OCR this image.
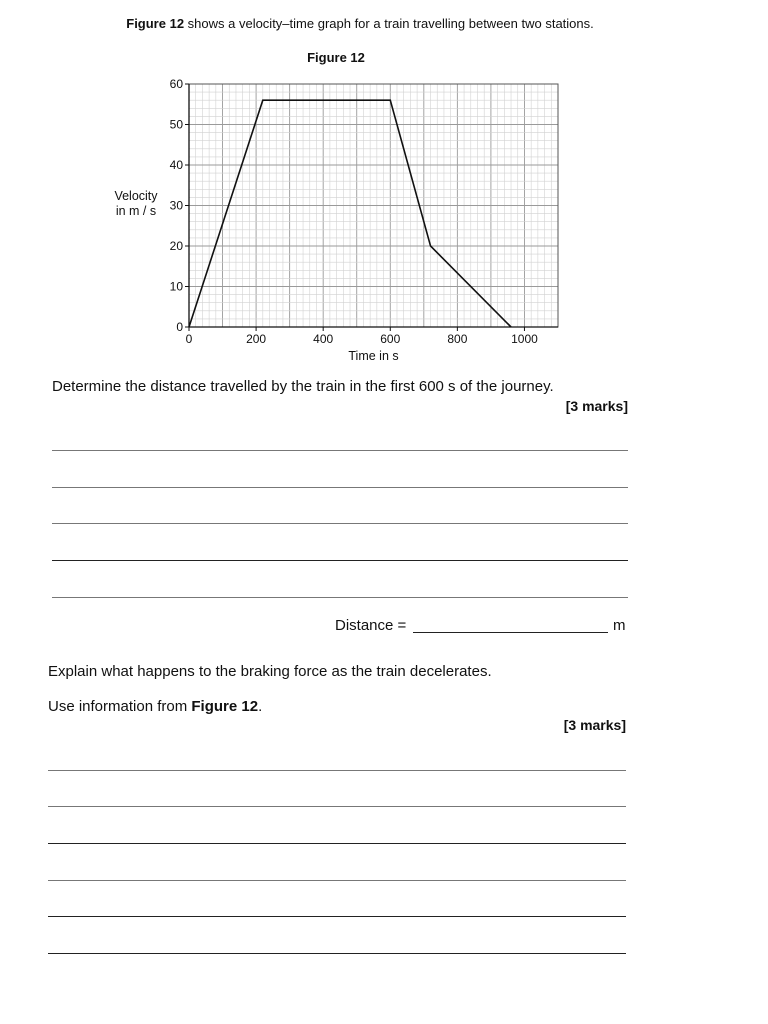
Figure 12 shows a velocity–time graph for a train travelling between two stations.
Figure 12
0	200	400	600	800	1000
0
10
20
30
40
50
60
Time in s
Velocity
in m / s
Determine the distance travelled by the train in the first 600 s of the journey.
[3 marks]
Distance =	m
Explain what happens to the braking force as the train decelerates.
Use information from Figure 12.
[3 marks]
